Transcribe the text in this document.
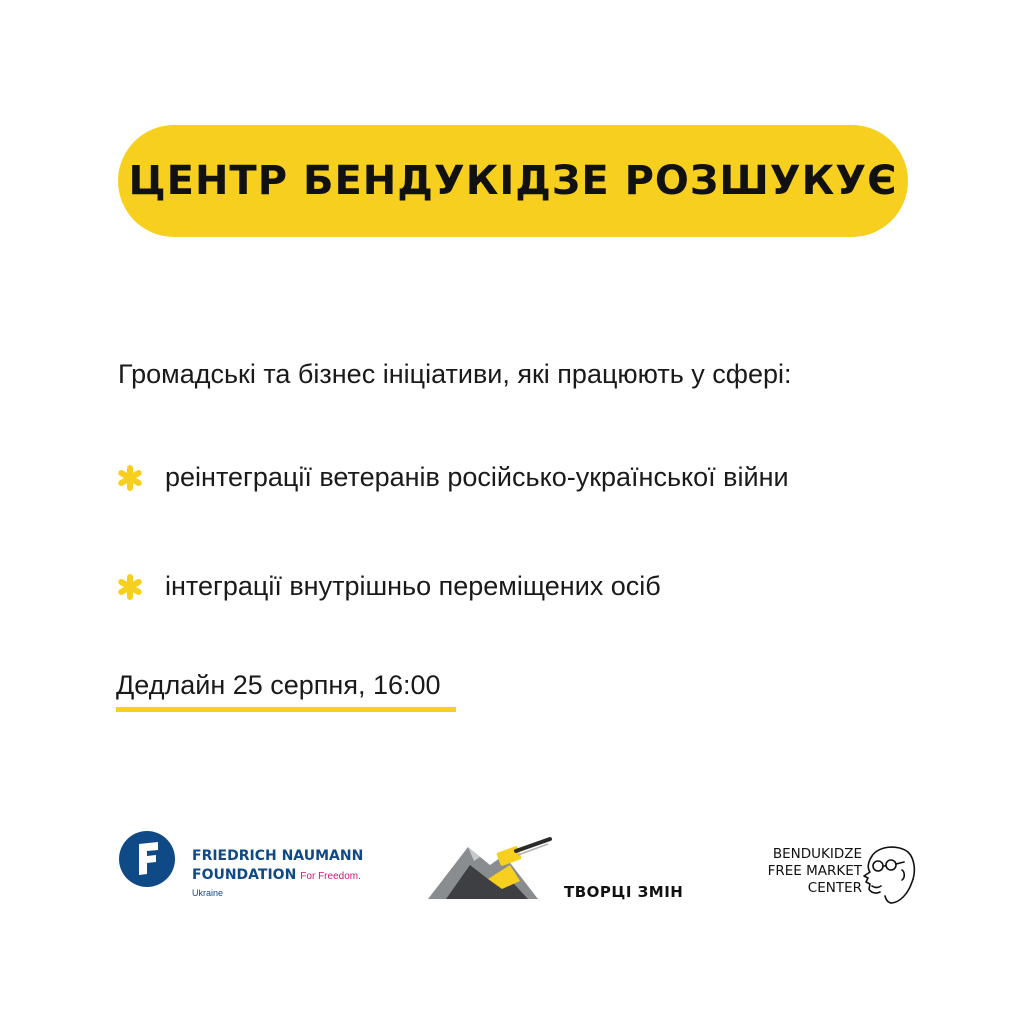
ЦЕНТР БЕНДУКІДЗЕ РОЗШУКУЄ
Громадські та бізнес ініціативи, які працюють у сфері:
реінтеграції ветеранів російсько-української війни
інтеграції внутрішньо переміщених осіб
Дедлайн 25 серпня, 16:00
FRIEDRICH NAUMANN
FOUNDATION For Freedom.
Ukraine	ТВОРЦІ ЗМІН
BENDUKIDZE
FREE MARKET
CENTER
